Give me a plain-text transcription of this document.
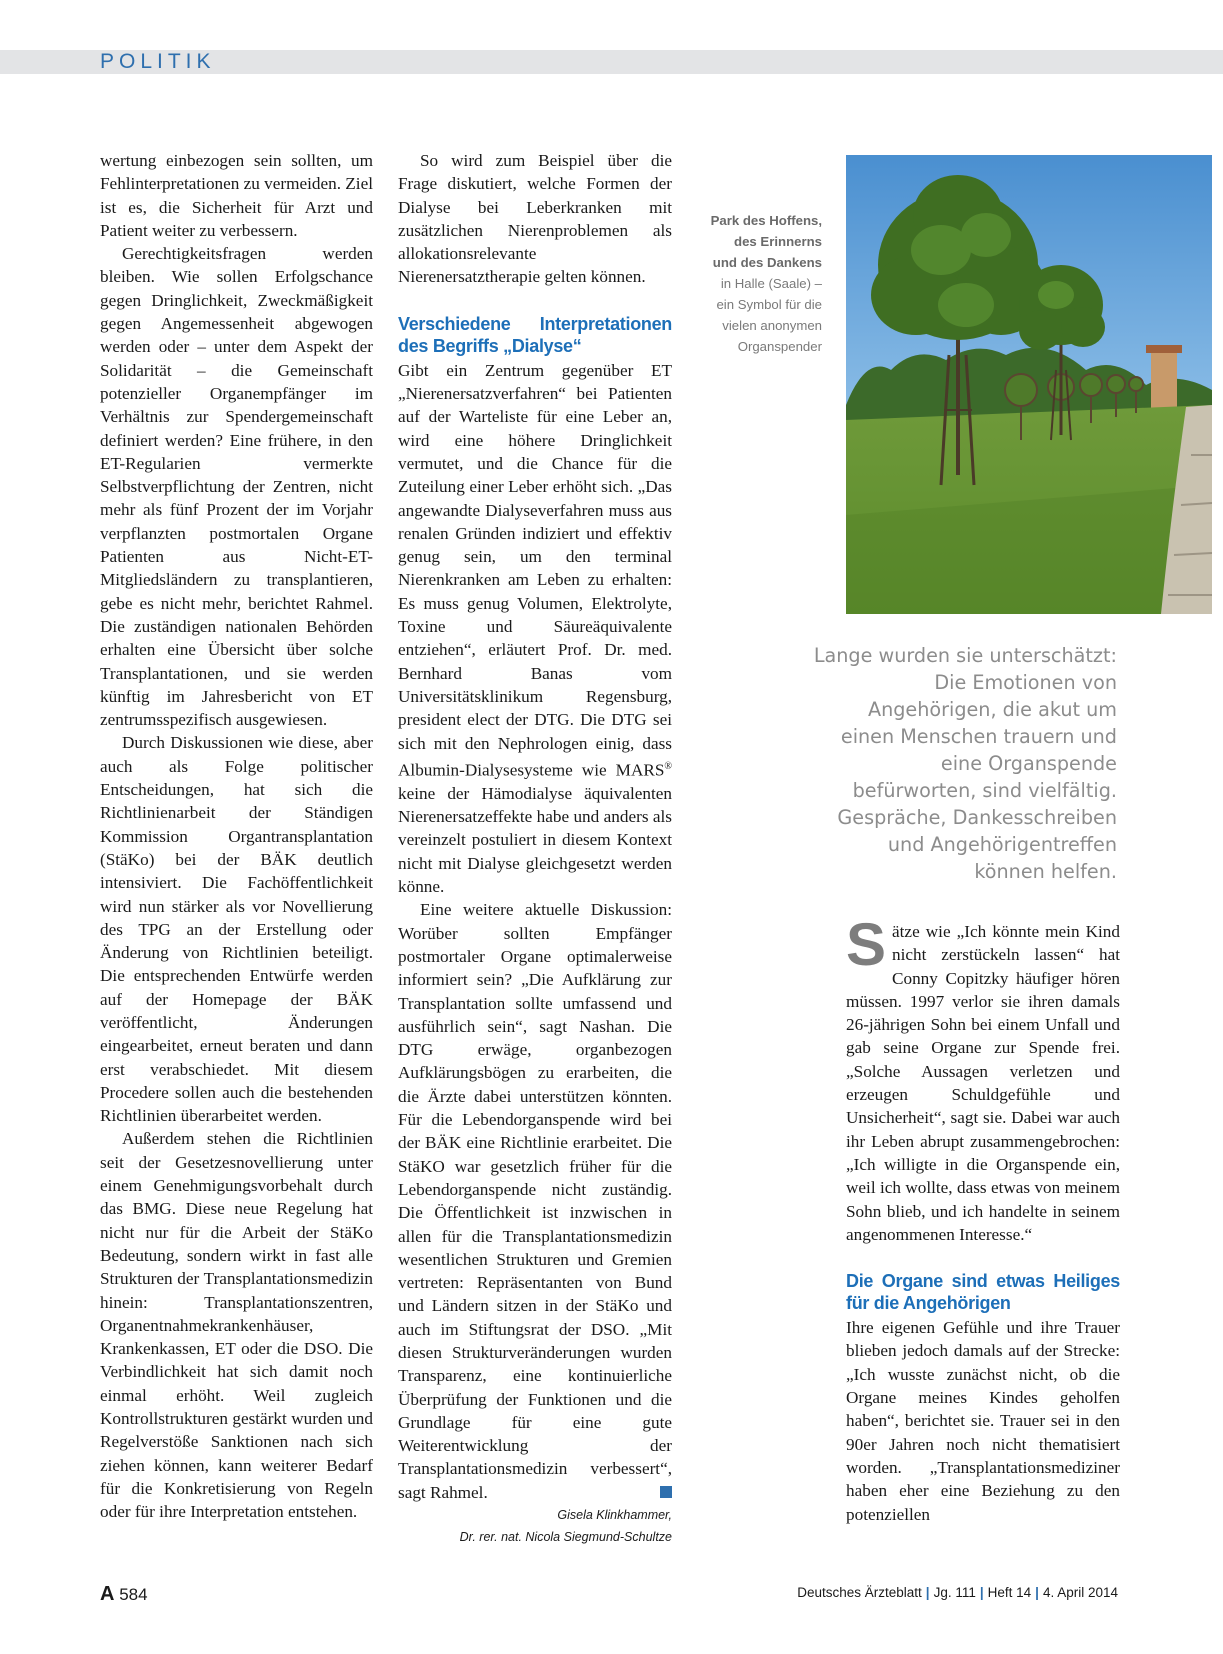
POLITIK

wertung einbezogen sein sollten, um Fehlinterpretationen zu vermeiden. Ziel ist es, die Sicherheit für Arzt und Patient weiter zu verbessern.

Gerechtigkeitsfragen werden bleiben. Wie sollen Erfolgschance gegen Dringlichkeit, Zweckmäßigkeit gegen Angemessenheit abgewogen werden oder – unter dem Aspekt der Solidarität – die Gemeinschaft potenzieller Organempfänger im Verhältnis zur Spendergemeinschaft definiert werden? Eine frühere, in den ET-Regularien vermerkte Selbstverpflichtung der Zentren, nicht mehr als fünf Prozent der im Vorjahr verpflanzten postmortalen Organe Patienten aus Nicht-ET-Mitgliedsländern zu transplantieren, gebe es nicht mehr, berichtet Rahmel. Die zuständigen nationalen Behörden erhalten eine Übersicht über solche Transplantationen, und sie werden künftig im Jahresbericht von ET zentrumsspezifisch ausgewiesen.

Durch Diskussionen wie diese, aber auch als Folge politischer Entscheidungen, hat sich die Richtlinienarbeit der Ständigen Kommission Organtransplantation (StäKo) bei der BÄK deutlich intensiviert. Die Fachöffentlichkeit wird nun stärker als vor Novellierung des TPG an der Erstellung oder Änderung von Richtlinien beteiligt. Die entsprechenden Entwürfe werden auf der Homepage der BÄK veröffentlicht, Änderungen eingearbeitet, erneut beraten und dann erst verabschiedet. Mit diesem Procedere sollen auch die bestehenden Richtlinien überarbeitet werden.

Außerdem stehen die Richtlinien seit der Gesetzesnovellierung unter einem Genehmigungsvorbehalt durch das BMG. Diese neue Regelung hat nicht nur für die Arbeit der StäKo Bedeutung, sondern wirkt in fast alle Strukturen der Transplantationsmedizin hinein: Transplantationszentren, Organentnahmekrankenhäuser, Krankenkassen, ET oder die DSO. Die Verbindlichkeit hat sich damit noch einmal erhöht. Weil zugleich Kontrollstrukturen gestärkt wurden und Regelverstöße Sanktionen nach sich ziehen können, kann weiterer Bedarf für die Konkretisierung von Regeln oder für ihre Interpretation entstehen.

So wird zum Beispiel über die Frage diskutiert, welche Formen der Dialyse bei Leberkranken mit zusätzlichen Nierenproblemen als allokationsrelevante Nierenersatztherapie gelten können.

Verschiedene Interpretationen des Begriffs „Dialyse“

Gibt ein Zentrum gegenüber ET „Nierenersatzverfahren“ bei Patienten auf der Warteliste für eine Leber an, wird eine höhere Dringlichkeit vermutet, und die Chance für die Zuteilung einer Leber erhöht sich. „Das angewandte Dialyseverfahren muss aus renalen Gründen indiziert und effektiv genug sein, um den terminal Nierenkranken am Leben zu erhalten: Es muss genug Volumen, Elektrolyte, Toxine und Säureäquivalente entziehen“, erläutert Prof. Dr. med. Bernhard Banas vom Universitätsklinikum Regensburg, president elect der DTG. Die DTG sei sich mit den Nephrologen einig, dass Albumin-Dialysesysteme wie MARS® keine der Hämodialyse äquivalenten Nierenersatzeffekte habe und anders als vereinzelt postuliert in diesem Kontext nicht mit Dialyse gleichgesetzt werden könne.

Eine weitere aktuelle Diskussion: Worüber sollten Empfänger postmortaler Organe optimalerweise informiert sein? „Die Aufklärung zur Transplantation sollte umfassend und ausführlich sein“, sagt Nashan. Die DTG erwäge, organbezogen Aufklärungsbögen zu erarbeiten, die die Ärzte dabei unterstützen könnten. Für die Lebendorganspende wird bei der BÄK eine Richtlinie erarbeitet. Die StäKO war gesetzlich früher für die Lebendorganspende nicht zuständig. Die Öffentlichkeit ist inzwischen in allen für die Transplantationsmedizin wesentlichen Strukturen und Gremien vertreten: Repräsentanten von Bund und Ländern sitzen in der StäKo und auch im Stiftungsrat der DSO. „Mit diesen Strukturveränderungen wurden Transparenz, eine kontinuierliche Überprüfung der Funktionen und die Grundlage für eine gute Weiterentwicklung der Transplantationsmedizin verbessert“, sagt Rahmel.

Gisela Klinkhammer,
Dr. rer. nat. Nicola Siegmund-Schultze
Park des Hoffens,
des Erinnerns
und des Dankens
in Halle (Saale) –
ein Symbol für die
vielen anonymen
Organspender
Lange wurden sie unterschätzt: Die Emotionen von Angehörigen, die akut um einen Menschen trauern und eine Organspende befürworten, sind vielfältig. Gespräche, Dankesschreiben und Angehörigentreffen können helfen.

Sätze wie „Ich könnte mein Kind nicht zerstückeln lassen“ hat Conny Copitzky häufiger hören müssen. 1997 verlor sie ihren damals 26-jährigen Sohn bei einem Unfall und gab seine Organe zur Spende frei. „Solche Aussagen verletzen und erzeugen Schuldgefühle und Unsicherheit“, sagt sie. Dabei war auch ihr Leben abrupt zusammengebrochen: „Ich willigte in die Organspende ein, weil ich wollte, dass etwas von meinem Sohn blieb, und ich handelte in seinem angenommenen Interesse.“

Die Organe sind etwas Heiliges für die Angehörigen

Ihre eigenen Gefühle und ihre Trauer blieben jedoch damals auf der Strecke: „Ich wusste zunächst nicht, ob die Organe meines Kindes geholfen haben“, berichtet sie. Trauer sei in den 90er Jahren noch nicht thematisiert worden. „Transplantationsmediziner haben eher eine Beziehung zu den potenziellen

A 584	Deutsches Ärzteblatt | Jg. 111 | Heft 14 | 4. April 2014
